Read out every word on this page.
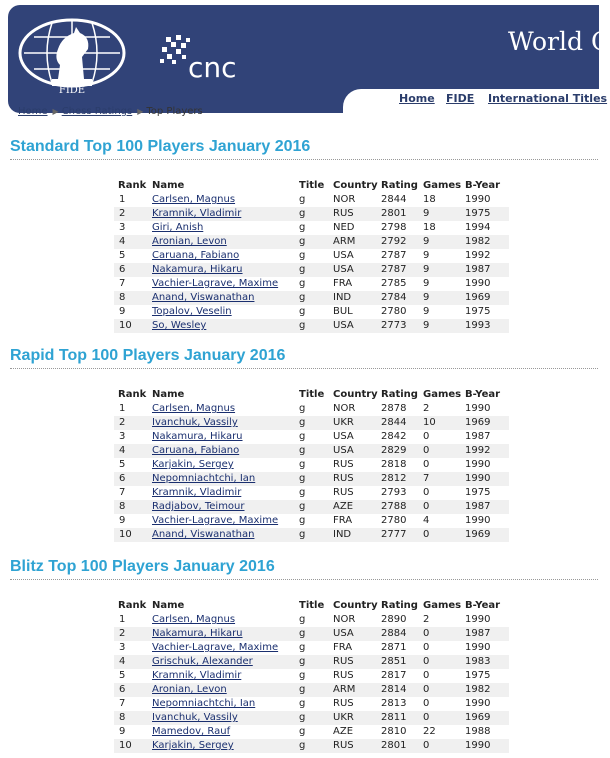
FIDE
cnc
World C
Home FIDE International Titles
Home ▶ Chess Ratings ▶ Top Players
Standard Top 100 Players January 2016
Rank	Name	Title	Country	Rating	Games	B-Year
1	Carlsen, Magnus	g	NOR	2844	18	1990
2	Kramnik, Vladimir	g	RUS	2801	9	1975
3	Giri, Anish	g	NED	2798	18	1994
4	Aronian, Levon	g	ARM	2792	9	1982
5	Caruana, Fabiano	g	USA	2787	9	1992
6	Nakamura, Hikaru	g	USA	2787	9	1987
7	Vachier-Lagrave, Maxime	g	FRA	2785	9	1990
8	Anand, Viswanathan	g	IND	2784	9	1969
9	Topalov, Veselin	g	BUL	2780	9	1975
10	So, Wesley	g	USA	2773	9	1993
Rapid Top 100 Players January 2016
Rank	Name	Title	Country	Rating	Games	B-Year
1	Carlsen, Magnus	g	NOR	2878	2	1990
2	Ivanchuk, Vassily	g	UKR	2844	10	1969
3	Nakamura, Hikaru	g	USA	2842	0	1987
4	Caruana, Fabiano	g	USA	2829	0	1992
5	Karjakin, Sergey	g	RUS	2818	0	1990
6	Nepomniachtchi, Ian	g	RUS	2812	7	1990
7	Kramnik, Vladimir	g	RUS	2793	0	1975
8	Radjabov, Teimour	g	AZE	2788	0	1987
9	Vachier-Lagrave, Maxime	g	FRA	2780	4	1990
10	Anand, Viswanathan	g	IND	2777	0	1969
Blitz Top 100 Players January 2016
Rank	Name	Title	Country	Rating	Games	B-Year
1	Carlsen, Magnus	g	NOR	2890	2	1990
2	Nakamura, Hikaru	g	USA	2884	0	1987
3	Vachier-Lagrave, Maxime	g	FRA	2871	0	1990
4	Grischuk, Alexander	g	RUS	2851	0	1983
5	Kramnik, Vladimir	g	RUS	2817	0	1975
6	Aronian, Levon	g	ARM	2814	0	1982
7	Nepomniachtchi, Ian	g	RUS	2813	0	1990
8	Ivanchuk, Vassily	g	UKR	2811	0	1969
9	Mamedov, Rauf	g	AZE	2810	22	1988
10	Karjakin, Sergey	g	RUS	2801	0	1990
